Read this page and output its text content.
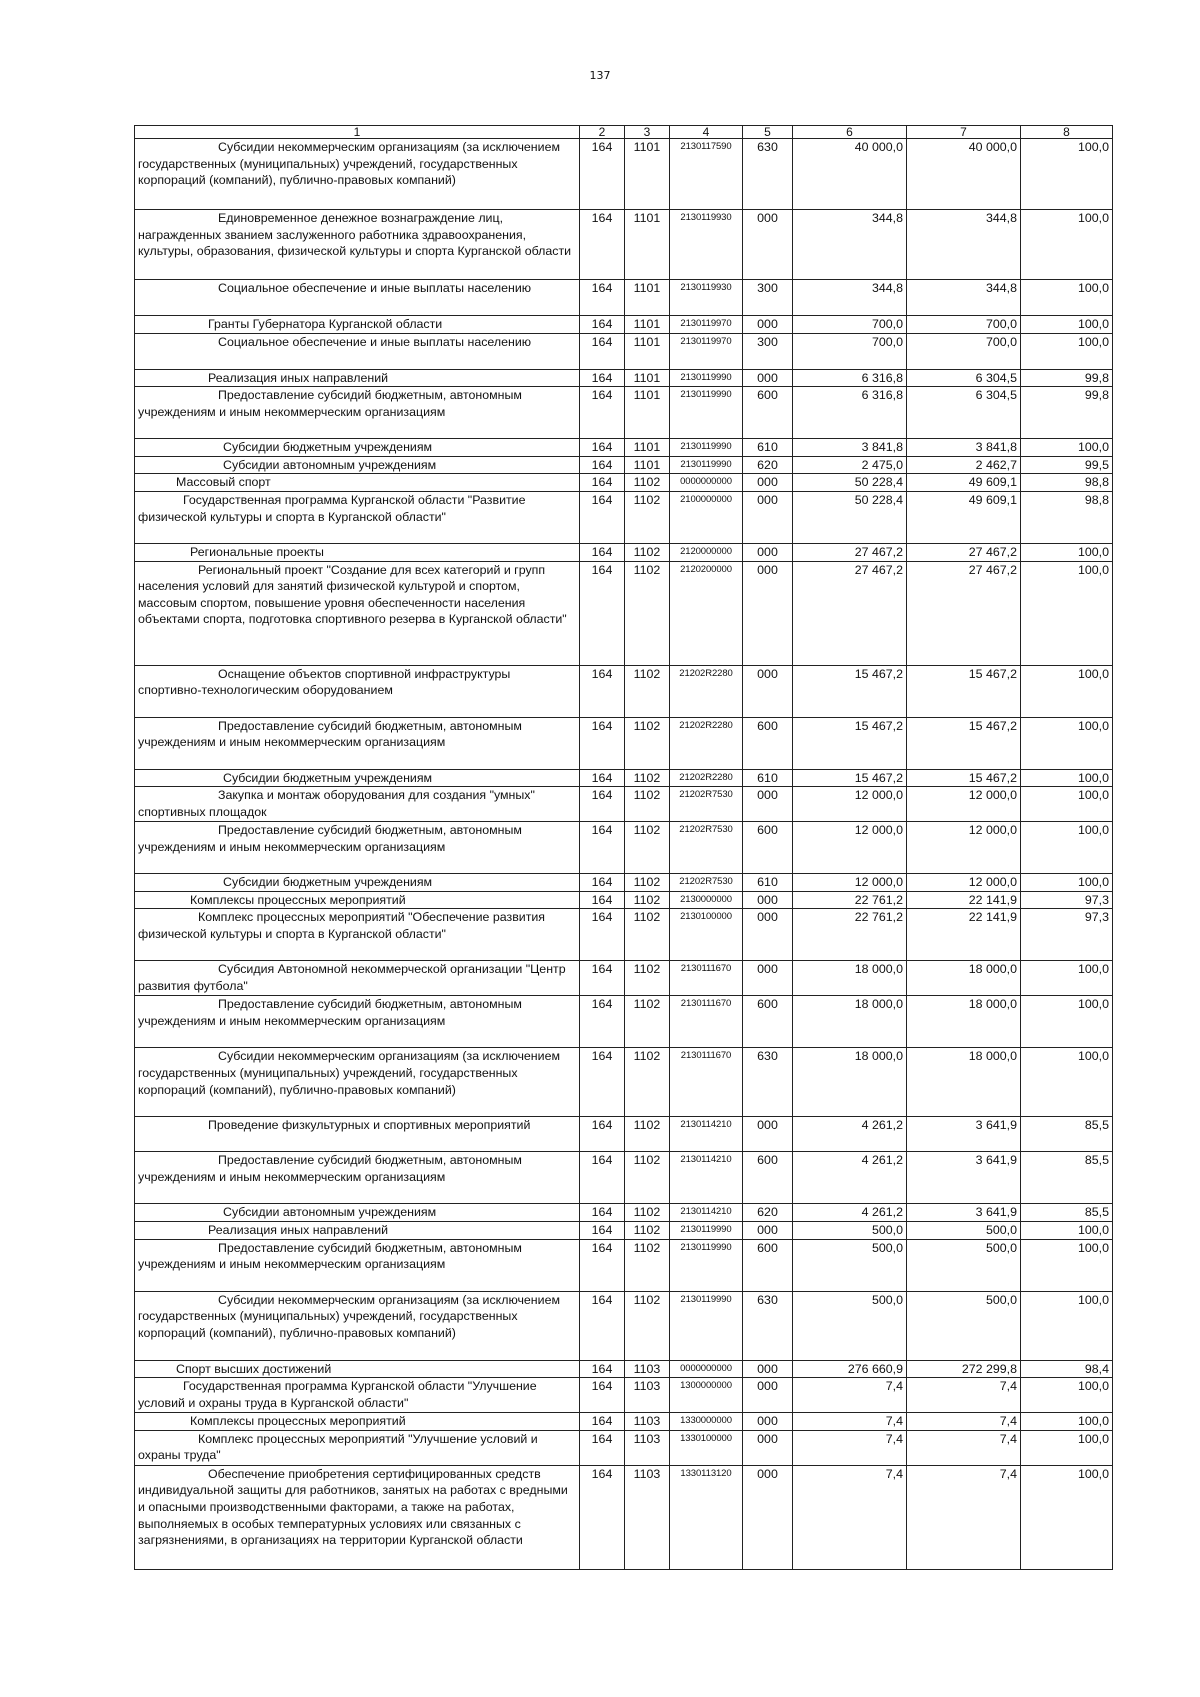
137
1	2	3	4	5	6	7	8
Субсидии некоммерческим организациям (за исключением государственных (муниципальных) учреждений, государственных корпораций (компаний), публично-правовых компаний)	164	1101	2130117590	630	40 000,0	40 000,0	100,0
Единовременное денежное вознаграждение лиц, награжденных званием заслуженного работника здравоохранения, культуры, образования, физической культуры и спорта Курганской области	164	1101	2130119930	000	344,8	344,8	100,0
Социальное обеспечение и иные выплаты населению	164	1101	2130119930	300	344,8	344,8	100,0
Гранты Губернатора Курганской области	164	1101	2130119970	000	700,0	700,0	100,0
Социальное обеспечение и иные выплаты населению	164	1101	2130119970	300	700,0	700,0	100,0
Реализация иных направлений	164	1101	2130119990	000	6 316,8	6 304,5	99,8
Предоставление субсидий бюджетным, автономным учреждениям и иным некоммерческим организациям	164	1101	2130119990	600	6 316,8	6 304,5	99,8
Субсидии бюджетным учреждениям	164	1101	2130119990	610	3 841,8	3 841,8	100,0
Субсидии автономным учреждениям	164	1101	2130119990	620	2 475,0	2 462,7	99,5
Массовый спорт	164	1102	0000000000	000	50 228,4	49 609,1	98,8
Государственная программа Курганской области "Развитие физической культуры и спорта в Курганской области"	164	1102	2100000000	000	50 228,4	49 609,1	98,8
Региональные проекты	164	1102	2120000000	000	27 467,2	27 467,2	100,0
Региональный проект "Создание для всех категорий и групп населения условий для занятий физической культурой и спортом, массовым спортом, повышение уровня обеспеченности населения объектами спорта, подготовка спортивного резерва в Курганской области"	164	1102	2120200000	000	27 467,2	27 467,2	100,0
Оснащение объектов спортивной инфраструктуры спортивно-технологическим оборудованием	164	1102	21202R2280	000	15 467,2	15 467,2	100,0
Предоставление субсидий бюджетным, автономным учреждениям и иным некоммерческим организациям	164	1102	21202R2280	600	15 467,2	15 467,2	100,0
Субсидии бюджетным учреждениям	164	1102	21202R2280	610	15 467,2	15 467,2	100,0
Закупка и монтаж оборудования для создания "умных" спортивных площадок	164	1102	21202R7530	000	12 000,0	12 000,0	100,0
Предоставление субсидий бюджетным, автономным учреждениям и иным некоммерческим организациям	164	1102	21202R7530	600	12 000,0	12 000,0	100,0
Субсидии бюджетным учреждениям	164	1102	21202R7530	610	12 000,0	12 000,0	100,0
Комплексы процессных мероприятий	164	1102	2130000000	000	22 761,2	22 141,9	97,3
Комплекс процессных мероприятий "Обеспечение развития физической культуры и спорта в Курганской области"	164	1102	2130100000	000	22 761,2	22 141,9	97,3
Субсидия Автономной некоммерческой организации "Центр развития футбола"	164	1102	2130111670	000	18 000,0	18 000,0	100,0
Предоставление субсидий бюджетным, автономным учреждениям и иным некоммерческим организациям	164	1102	2130111670	600	18 000,0	18 000,0	100,0
Субсидии некоммерческим организациям (за исключением государственных (муниципальных) учреждений, государственных корпораций (компаний), публично-правовых компаний)	164	1102	2130111670	630	18 000,0	18 000,0	100,0
Проведение физкультурных и спортивных мероприятий	164	1102	2130114210	000	4 261,2	3 641,9	85,5
Предоставление субсидий бюджетным, автономным учреждениям и иным некоммерческим организациям	164	1102	2130114210	600	4 261,2	3 641,9	85,5
Субсидии автономным учреждениям	164	1102	2130114210	620	4 261,2	3 641,9	85,5
Реализация иных направлений	164	1102	2130119990	000	500,0	500,0	100,0
Предоставление субсидий бюджетным, автономным учреждениям и иным некоммерческим организациям	164	1102	2130119990	600	500,0	500,0	100,0
Субсидии некоммерческим организациям (за исключением государственных (муниципальных) учреждений, государственных корпораций (компаний), публично-правовых компаний)	164	1102	2130119990	630	500,0	500,0	100,0
Спорт высших достижений	164	1103	0000000000	000	276 660,9	272 299,8	98,4
Государственная программа Курганской области "Улучшение условий и охраны труда в Курганской области"	164	1103	1300000000	000	7,4	7,4	100,0
Комплексы процессных мероприятий	164	1103	1330000000	000	7,4	7,4	100,0
Комплекс процессных мероприятий "Улучшение условий и охраны труда"	164	1103	1330100000	000	7,4	7,4	100,0
Обеспечение приобретения сертифицированных средств индивидуальной защиты для работников, занятых на работах с вредными и опасными производственными факторами, а также на работах, выполняемых в особых температурных условиях или связанных с загрязнениями, в организациях на территории Курганской области	164	1103	1330113120	000	7,4	7,4	100,0
